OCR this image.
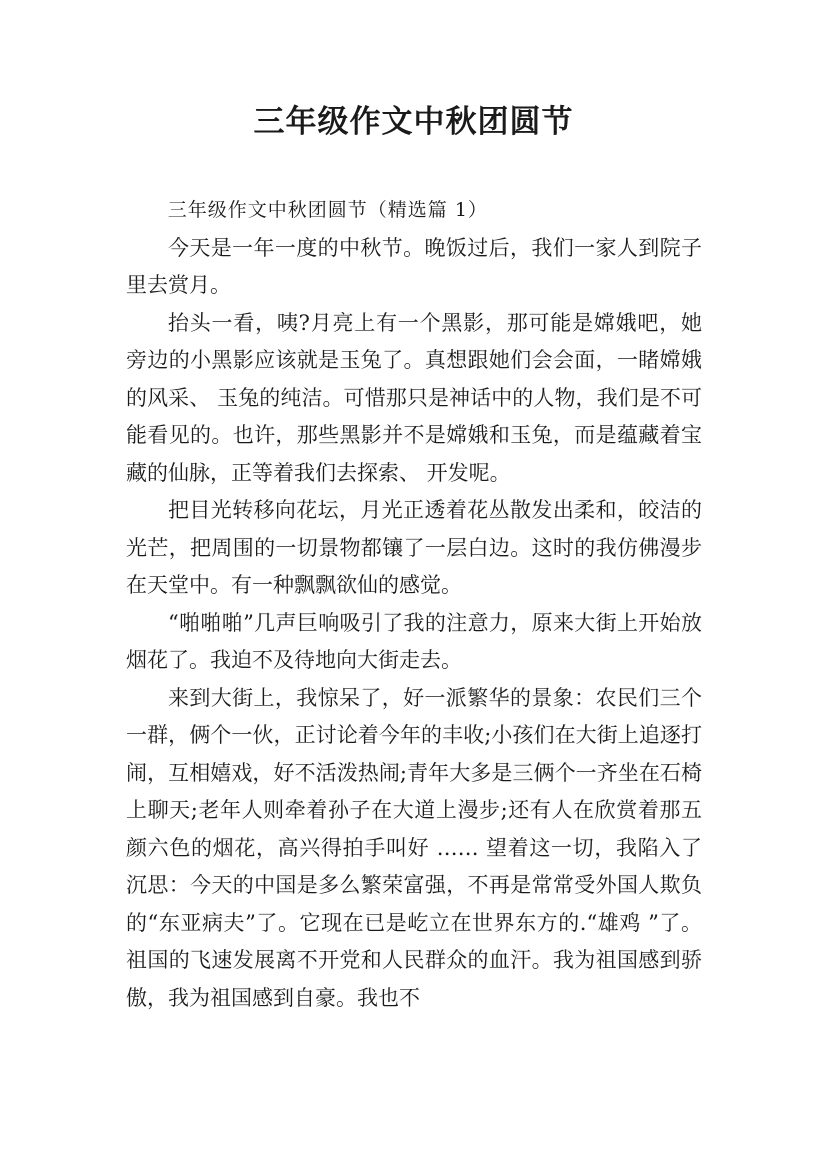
三年级作文中秋团圆节

三年级作文中秋团圆节（精选篇 1）

今天是一年一度的中秋节。晚饭过后，我们一家人到院子里去赏月。

抬头一看，咦?月亮上有一个黑影，那可能是嫦娥吧，她旁边的小黑影应该就是玉兔了。真想跟她们会会面，一睹嫦娥的风采、 玉兔的纯洁。可惜那只是神话中的人物，我们是不可能看见的。也许，那些黑影并不是嫦娥和玉兔，而是蕴藏着宝藏的仙脉，正等着我们去探索、 开发呢。

把目光转移向花坛，月光正透着花丛散发出柔和，皎洁的光芒，把周围的一切景物都镶了一层白边。这时的我仿佛漫步在天堂中。有一种飘飘欲仙的感觉。

“啪啪啪”几声巨响吸引了我的注意力，原来大街上开始放烟花了。我迫不及待地向大街走去。

来到大街上，我惊呆了，好一派繁华的景象：农民们三个一群，俩个一伙，正讨论着今年的丰收;小孩们在大街上追逐打闹，互相嬉戏，好不活泼热闹;青年大多是三俩个一齐坐在石椅上聊天;老年人则牵着孙子在大道上漫步;还有人在欣赏着那五颜六色的烟花，高兴得拍手叫好 …… 望着这一切，我陷入了沉思：今天的中国是多么繁荣富强，不再是常常受外国人欺负的“东亚病夫”了。它现在已是屹立在世界东方的.“雄鸡 ”了。祖国的飞速发展离不开党和人民群众的血汗。我为祖国感到骄傲，我为祖国感到自豪。我也不
